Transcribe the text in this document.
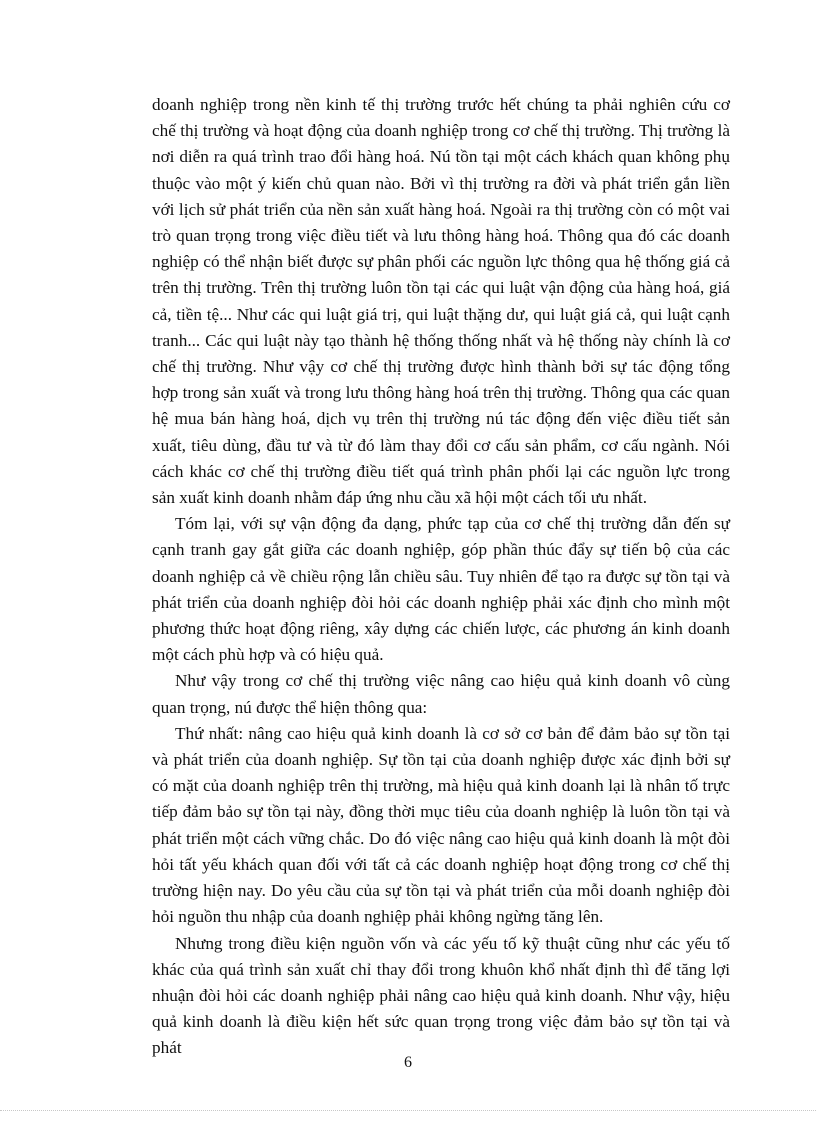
doanh nghiệp trong nền kinh tế thị trường trước hết chúng ta phải nghiên cứu cơ chế thị trường và hoạt động của doanh nghiệp trong cơ chế thị trường. Thị trường là nơi diễn ra quá trình trao đổi hàng hoá. Nú tồn tại một cách khách quan không phụ thuộc vào một ý kiến chủ quan nào. Bởi vì thị trường ra đời và phát triển gắn liền với lịch sử phát triển của nền sản xuất hàng hoá. Ngoài ra thị trường còn có một vai trò quan trọng trong việc điều tiết và lưu thông hàng hoá. Thông qua đó các doanh nghiệp có thể nhận biết được sự phân phối các nguồn lực thông qua hệ thống giá cả trên thị trường. Trên thị trường luôn tồn tại các qui luật vận động của hàng hoá, giá cả, tiền tệ... Như các qui luật giá trị, qui luật thặng dư, qui luật giá cả, qui luật cạnh tranh... Các qui luật này tạo thành hệ thống thống nhất và hệ thống này chính là cơ chế thị trường. Như vậy cơ chế thị trường được hình thành bởi sự tác động tổng hợp trong sản xuất và trong lưu thông hàng hoá trên thị trường. Thông qua các quan hệ mua bán hàng hoá, dịch vụ trên thị trường nú tác động đến việc điều tiết sản xuất, tiêu dùng, đầu tư và từ đó làm thay đổi cơ cấu sản phẩm, cơ cấu ngành. Nói cách khác cơ chế thị trường điều tiết quá trình phân phối lại các nguồn lực trong sản xuất kinh doanh nhằm đáp ứng nhu cầu xã hội một cách tối ưu nhất.

Tóm lại, với sự vận động đa dạng, phức tạp của cơ chế thị trường dẫn đến sự cạnh tranh gay gắt giữa các doanh nghiệp, góp phần thúc đẩy sự tiến bộ của các doanh nghiệp cả về chiều rộng lẫn chiều sâu. Tuy nhiên để tạo ra được sự tồn tại và phát triển của doanh nghiệp đòi hỏi các doanh nghiệp phải xác định cho mình một phương thức hoạt động riêng, xây dựng các chiến lược, các phương án kinh doanh một cách phù hợp và có hiệu quả.

Như vậy trong cơ chế thị trường việc nâng cao hiệu quả kinh doanh vô cùng quan trọng, nú được thể hiện thông qua:

Thứ nhất: nâng cao hiệu quả kinh doanh là cơ sở cơ bản để đảm bảo sự tồn tại và phát triển của doanh nghiệp. Sự tồn tại của doanh nghiệp được xác định bởi sự có mặt của doanh nghiệp trên thị trường, mà hiệu quả kinh doanh lại là nhân tố trực tiếp đảm bảo sự tồn tại này, đồng thời mục tiêu của doanh nghiệp là luôn tồn tại và phát triển một cách vững chắc. Do đó việc nâng cao hiệu quả kinh doanh là một đòi hỏi tất yếu khách quan đối với tất cả các doanh nghiệp hoạt động trong cơ chế thị trường hiện nay. Do yêu cầu của sự tồn tại và phát triển của mỗi doanh nghiệp đòi hỏi nguồn thu nhập của doanh nghiệp phải không ngừng tăng lên.

Nhưng trong điều kiện nguồn vốn và các yếu tố kỹ thuật cũng như các yếu tố khác của quá trình sản xuất chỉ thay đổi trong khuôn khổ nhất định thì để tăng lợi nhuận đòi hỏi các doanh nghiệp phải nâng cao hiệu quả kinh doanh. Như vậy, hiệu quả kinh doanh là điều kiện hết sức quan trọng trong việc đảm bảo sự tồn tại và phát

6
